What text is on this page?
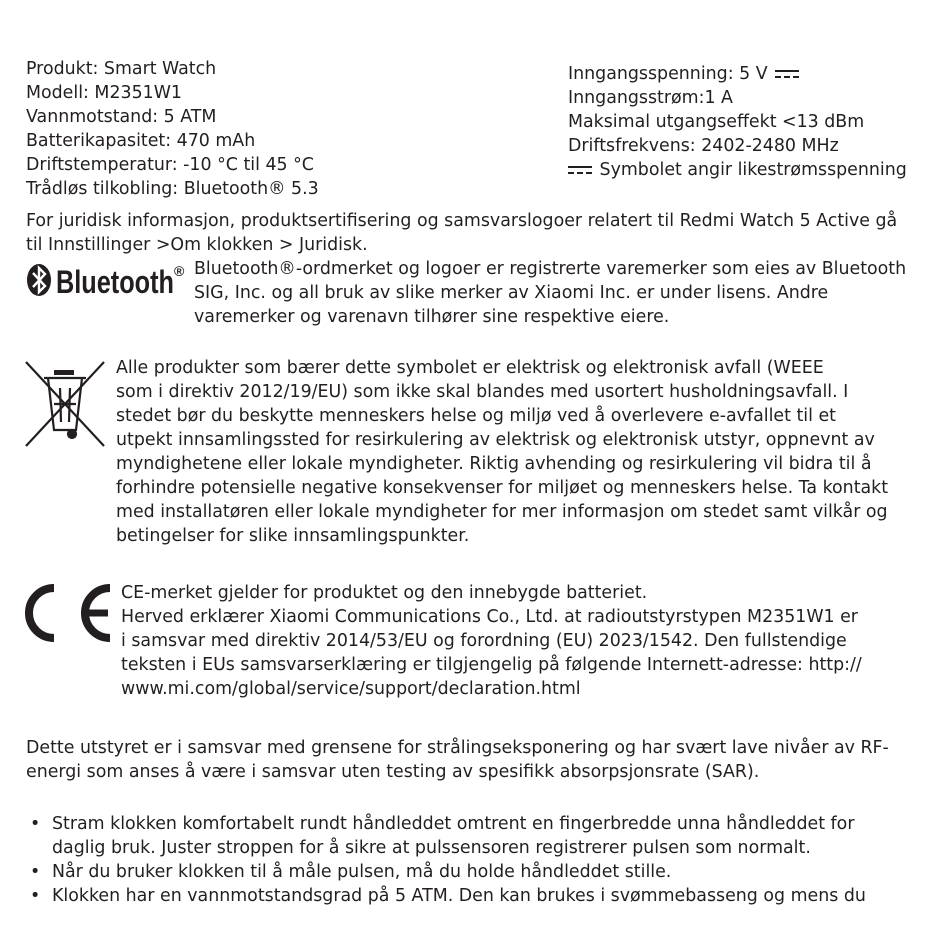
Produkt: Smart Watch
Modell: M2351W1
Vannmotstand: 5 ATM
Batterikapasitet: 470 mAh
Driftstemperatur: -10 °C til 45 °C
Trådløs tilkobling: Bluetooth® 5.3
Inngangsspenning: 5 V
Inngangsstrøm:1 A
Maksimal utgangseffekt <13 dBm
Driftsfrekvens: 2402-2480 MHz
Symbolet angir likestrømsspenning
For juridisk informasjon, produktsertifisering og samsvarslogoer relatert til Redmi Watch 5 Active gå
til Innstillinger >Om klokken > Juridisk.
Bluetooth ® Bluetooth®-ordmerket og logoer er registrerte varemerker som eies av Bluetooth
SIG, Inc. og all bruk av slike merker av Xiaomi Inc. er under lisens. Andre
varemerker og varenavn tilhører sine respektive eiere.
Alle produkter som bærer dette symbolet er elektrisk og elektronisk avfall (WEEE
som i direktiv 2012/19/EU) som ikke skal blandes med usortert husholdningsavfall. I
stedet bør du beskytte menneskers helse og miljø ved å overlevere e-avfallet til et
utpekt innsamlingssted for resirkulering av elektrisk og elektronisk utstyr, oppnevnt av
myndighetene eller lokale myndigheter. Riktig avhending og resirkulering vil bidra til å
forhindre potensielle negative konsekvenser for miljøet og menneskers helse. Ta kontakt
med installatøren eller lokale myndigheter for mer informasjon om stedet samt vilkår og
betingelser for slike innsamlingspunkter.
CE-merket gjelder for produktet og den innebygde batteriet.
Herved erklærer Xiaomi Communications Co., Ltd. at radioutstyrstypen M2351W1 er
i samsvar med direktiv 2014/53/EU og forordning (EU) 2023/1542. Den fullstendige
teksten i EUs samsvarserklæring er tilgjengelig på følgende Internett-adresse: http://
www.mi.com/global/service/support/declaration.html
Dette utstyret er i samsvar med grensene for strålingseksponering og har svært lave nivåer av RF-
energi som anses å være i samsvar uten testing av spesifikk absorpsjonsrate (SAR).
• Stram klokken komfortabelt rundt håndleddet omtrent en fingerbredde unna håndleddet for
daglig bruk. Juster stroppen for å sikre at pulssensoren registrerer pulsen som normalt.
• Når du bruker klokken til å måle pulsen, må du holde håndleddet stille.
• Klokken har en vannmotstandsgrad på 5 ATM. Den kan brukes i svømmebasseng og mens du
